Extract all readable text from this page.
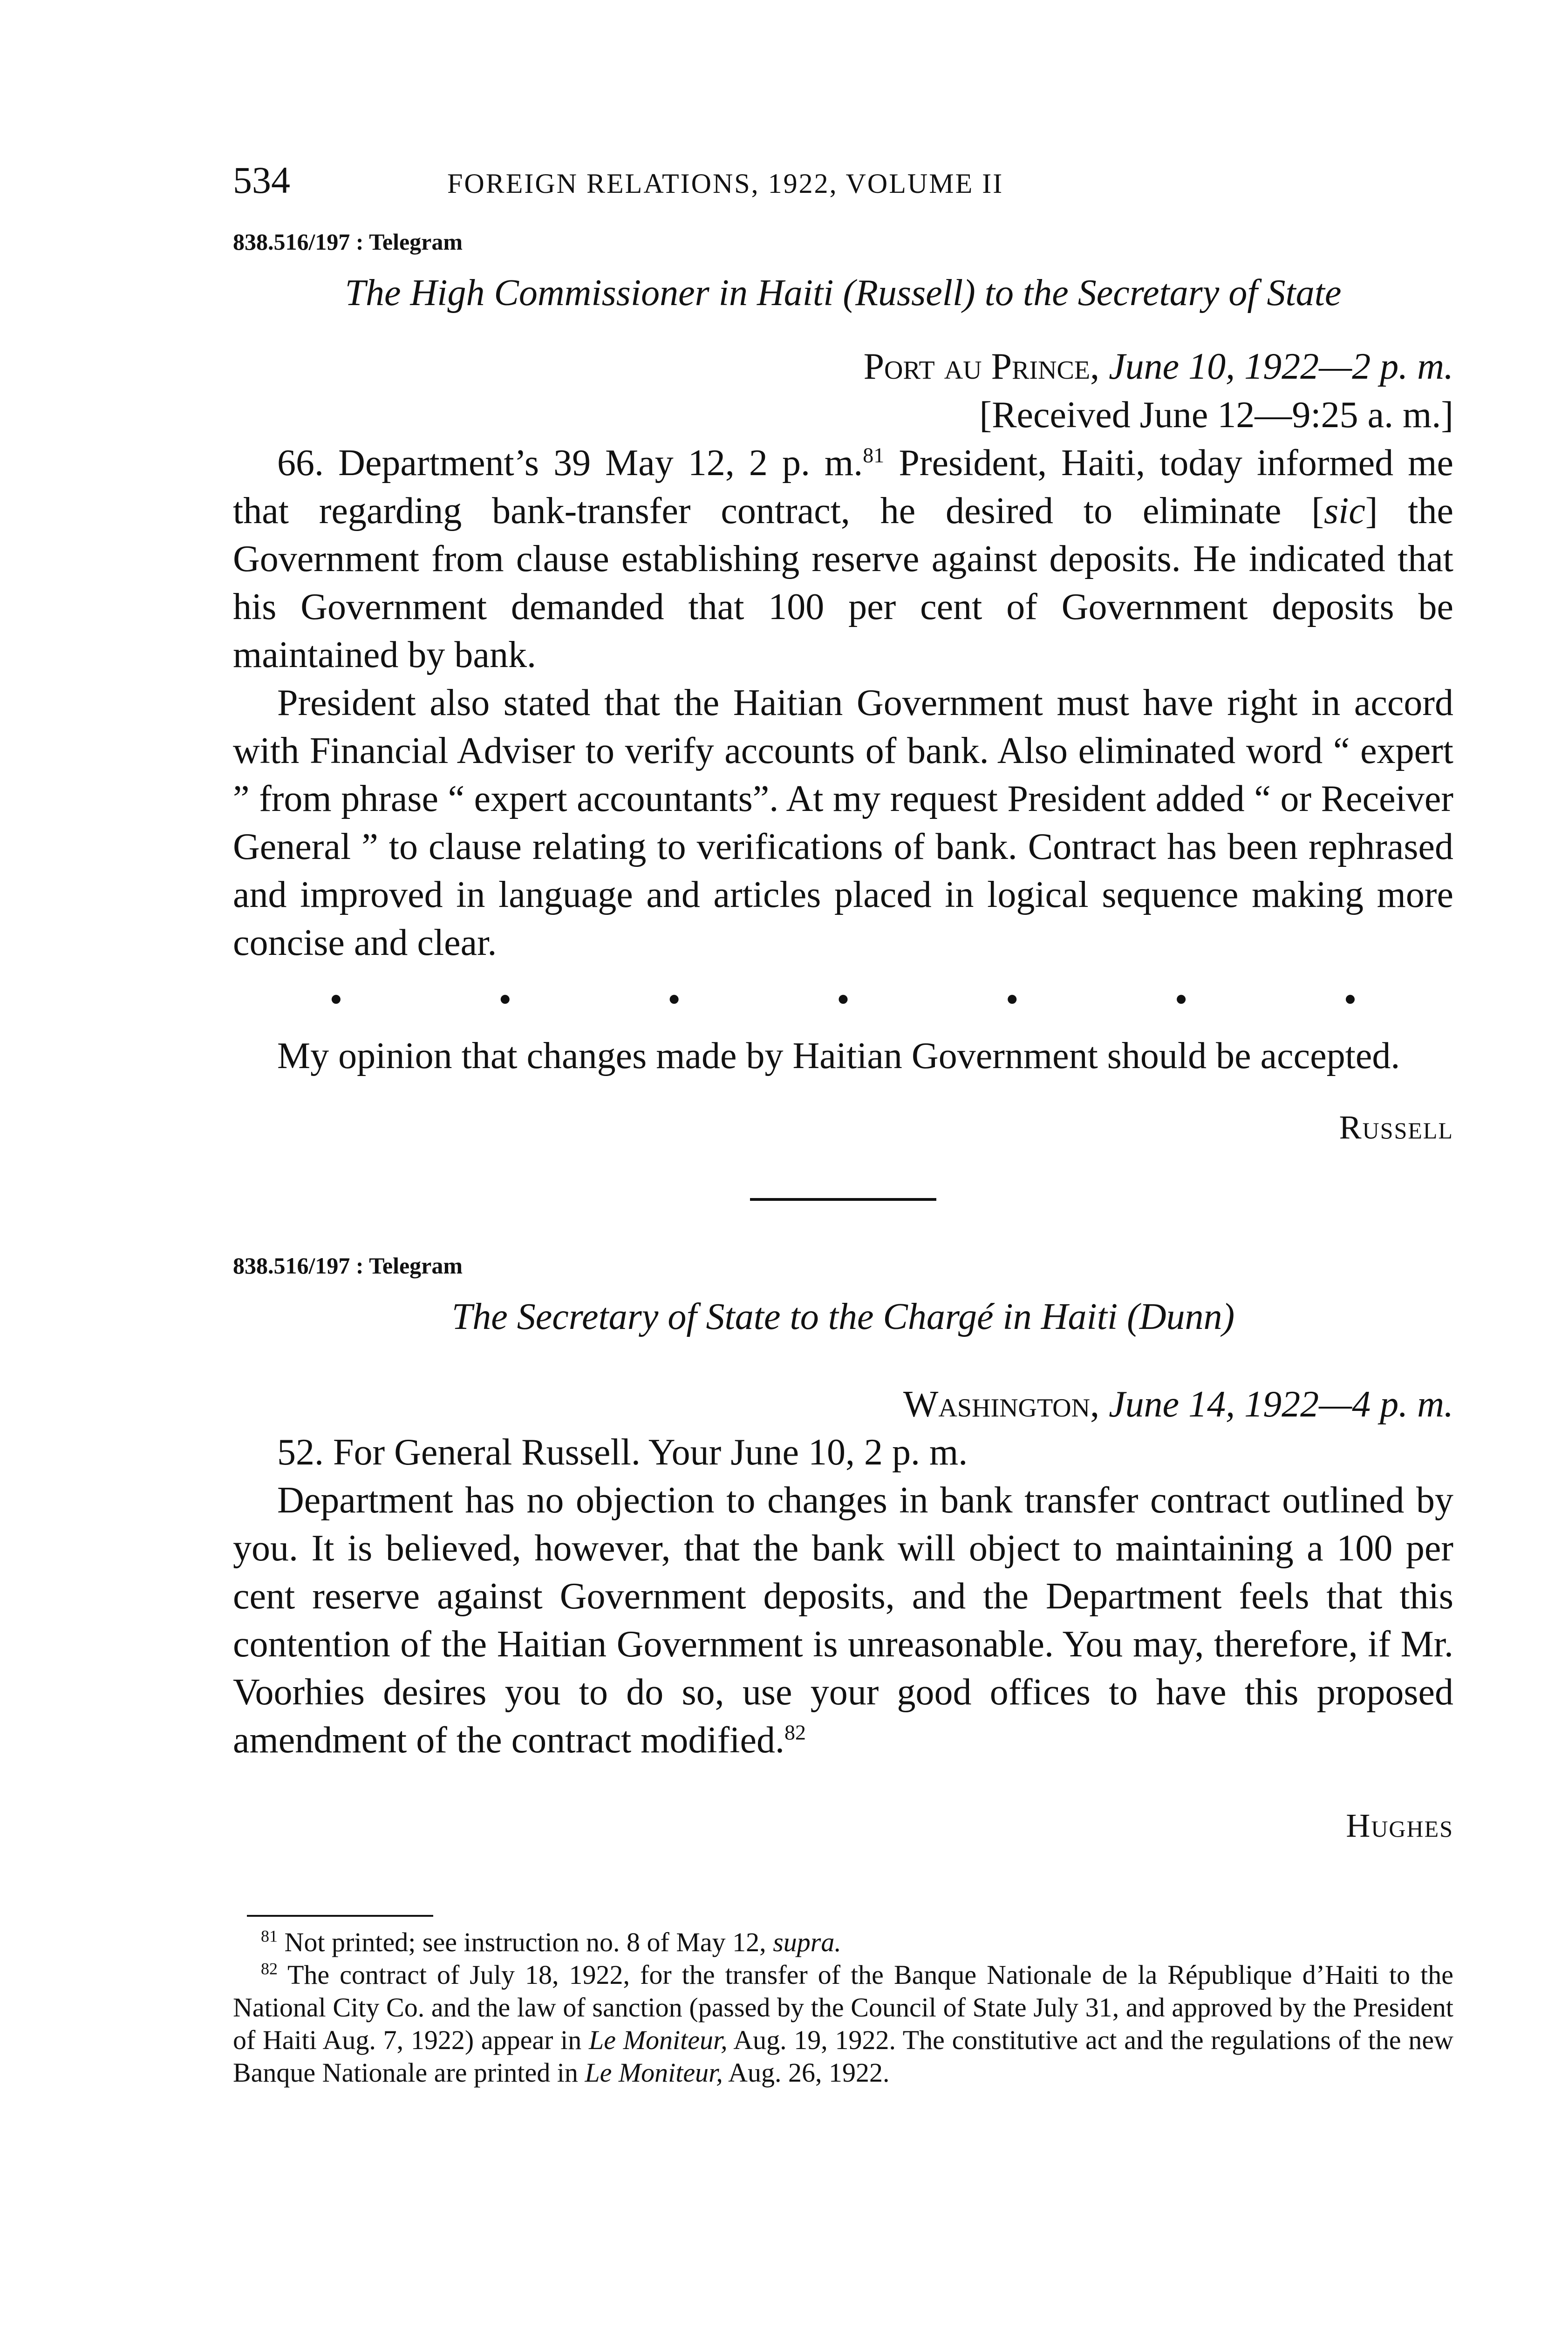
534	FOREIGN RELATIONS, 1922, VOLUME II
838.516/197 : Telegram
The High Commissioner in Haiti (Russell) to the Secretary of State
Port au Prince, June 10, 1922—2 p. m.
[Received June 12—9:25 a. m.]

66. Department’s 39 May 12, 2 p. m.$^{81}$ President, Haiti, today informed me that regarding bank-transfer contract, he desired to eliminate [sic] the Government from clause establishing reserve against deposits. He indicated that his Government demanded that 100 per cent of Government deposits be maintained by bank.

President also stated that the Haitian Government must have right in accord with Financial Adviser to verify accounts of bank. Also eliminated word “ expert ” from phrase “ expert accountants”. At my request President added “ or Receiver General ” to clause relating to verifications of bank. Contract has been rephrased and improved in language and articles placed in logical sequence making more concise and clear.

•	•	•	•	•	•	•

My opinion that changes made by Haitian Government should be accepted.

Russell
838.516/197 : Telegram
The Secretary of State to the Chargé in Haiti (Dunn)
Washington, June 14, 1922—4 p. m.

52. For General Russell. Your June 10, 2 p. m.

Department has no objection to changes in bank transfer contract outlined by you. It is believed, however, that the bank will object to maintaining a 100 per cent reserve against Government deposits, and the Department feels that this contention of the Haitian Government is unreasonable. You may, therefore, if Mr. Voorhies desires you to do so, use your good offices to have this proposed amendment of the contract modified.$^{82}$

Hughes

$^{81}$ Not printed; see instruction no. 8 of May 12, supra.

$^{82}$ The contract of July 18, 1922, for the transfer of the Banque Nationale de la République d’Haiti to the National City Co. and the law of sanction (passed by the Council of State July 31, and approved by the President of Haiti Aug. 7, 1922) appear in Le Moniteur, Aug. 19, 1922. The constitutive act and the regulations of the new Banque Nationale are printed in Le Moniteur, Aug. 26, 1922.
